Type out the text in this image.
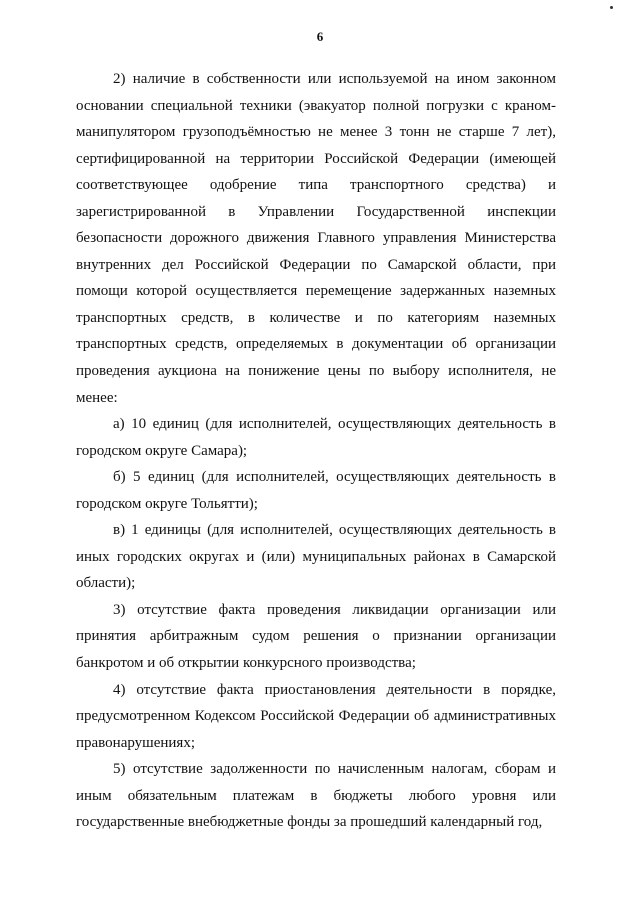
6

2) наличие в собственности или используемой на ином законном основании специальной техники (эвакуатор полной погрузки с краном-манипулятором грузоподъёмностью не менее 3 тонн не старше 7 лет), сертифицированной на территории Российской Федерации (имеющей соответствующее одобрение типа транспортного средства) и зарегистрированной в Управлении Государственной инспекции безопасности дорожного движения Главного управления Министерства внутренних дел Российской Федерации по Самарской области, при помощи которой осуществляется перемещение задержанных наземных транспортных средств, в количестве и по категориям наземных транспортных средств, определяемых в документации об организации проведения аукциона на понижение цены по выбору исполнителя, не менее:

а) 10 единиц (для исполнителей, осуществляющих деятельность в городском округе Самара);

б) 5 единиц (для исполнителей, осуществляющих деятельность в городском округе Тольятти);

в) 1 единицы (для исполнителей, осуществляющих деятельность в иных городских округах и (или) муниципальных районах в Самарской области);

3) отсутствие факта проведения ликвидации организации или принятия арбитражным судом решения о признании организации банкротом и об открытии конкурсного производства;

4) отсутствие факта приостановления деятельности в порядке, предусмотренном Кодексом Российской Федерации об административных правонарушениях;

5) отсутствие задолженности по начисленным налогам, сборам и иным обязательным платежам в бюджеты любого уровня или государственные внебюджетные фонды за прошедший календарный год,
